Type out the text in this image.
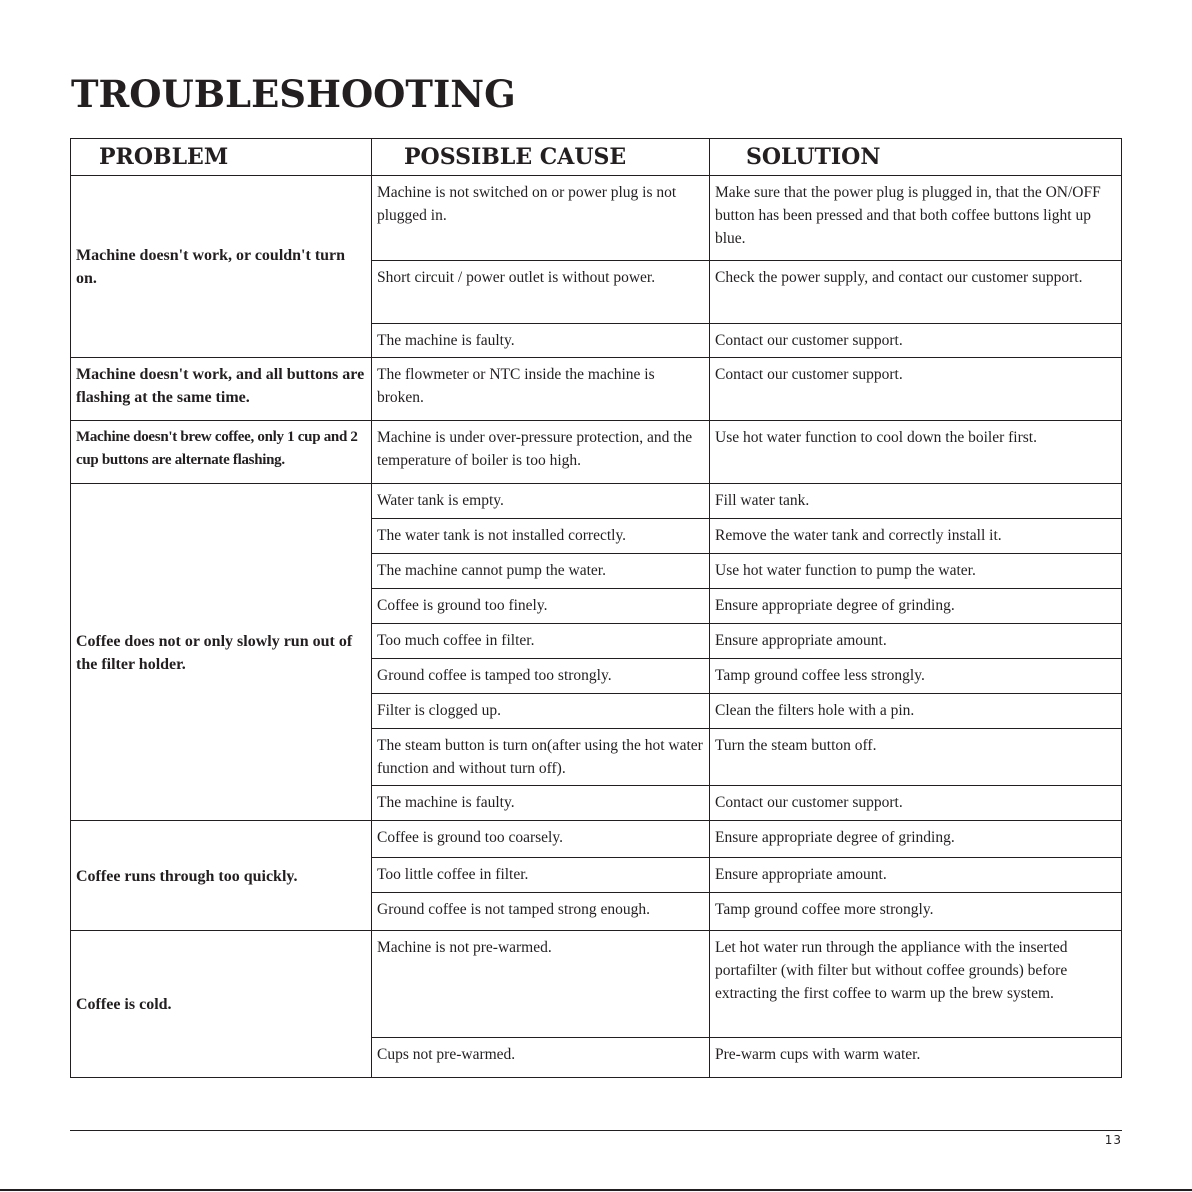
TROUBLESHOOTING
PROBLEM	POSSIBLE CAUSE	SOLUTION
Machine doesn't work, or couldn't turn on.	Machine is not switched on or power plug is not plugged in.	Make sure that the power plug is plugged in, that the ON/OFF button has been pressed and that both coffee buttons light up blue.
	Short circuit / power outlet is without power.	Check the power supply, and contact our customer support.
	The machine is faulty.	Contact our customer support.
Machine doesn't work, and all buttons are flashing at the same time.	The flowmeter or NTC inside the machine is broken.	Contact our customer support.
Machine doesn't brew coffee, only 1 cup and 2 cup buttons are alternate flashing.	Machine is under over-pressure protection, and the temperature of boiler is too high.	Use hot water function to cool down the boiler first.
Coffee does not or only slowly run out of the filter holder.	Water tank is empty.	Fill water tank.
	The water tank is not installed correctly.	Remove the water tank and correctly install it.
	The machine cannot pump the water.	Use hot water function to pump the water.
	Coffee is ground too finely.	Ensure appropriate degree of grinding.
	Too much coffee in filter.	Ensure appropriate amount.
	Ground coffee is tamped too strongly.	Tamp ground coffee less strongly.
	Filter is clogged up.	Clean the filters hole with a pin.
	The steam button is turn on(after using the hot water function and without turn off).	Turn the steam button off.
	The machine is faulty.	Contact our customer support.
Coffee runs through too quickly.	Coffee is ground too coarsely.	Ensure appropriate degree of grinding.
	Too little coffee in filter.	Ensure appropriate amount.
	Ground coffee is not tamped strong enough.	Tamp ground coffee more strongly.
Coffee is cold.	Machine is not pre-warmed.	Let hot water run through the appliance with the inserted portafilter (with filter but without coffee grounds) before extracting the first coffee to warm up the brew system.
	Cups not pre-warmed.	Pre-warm cups with warm water.
13
